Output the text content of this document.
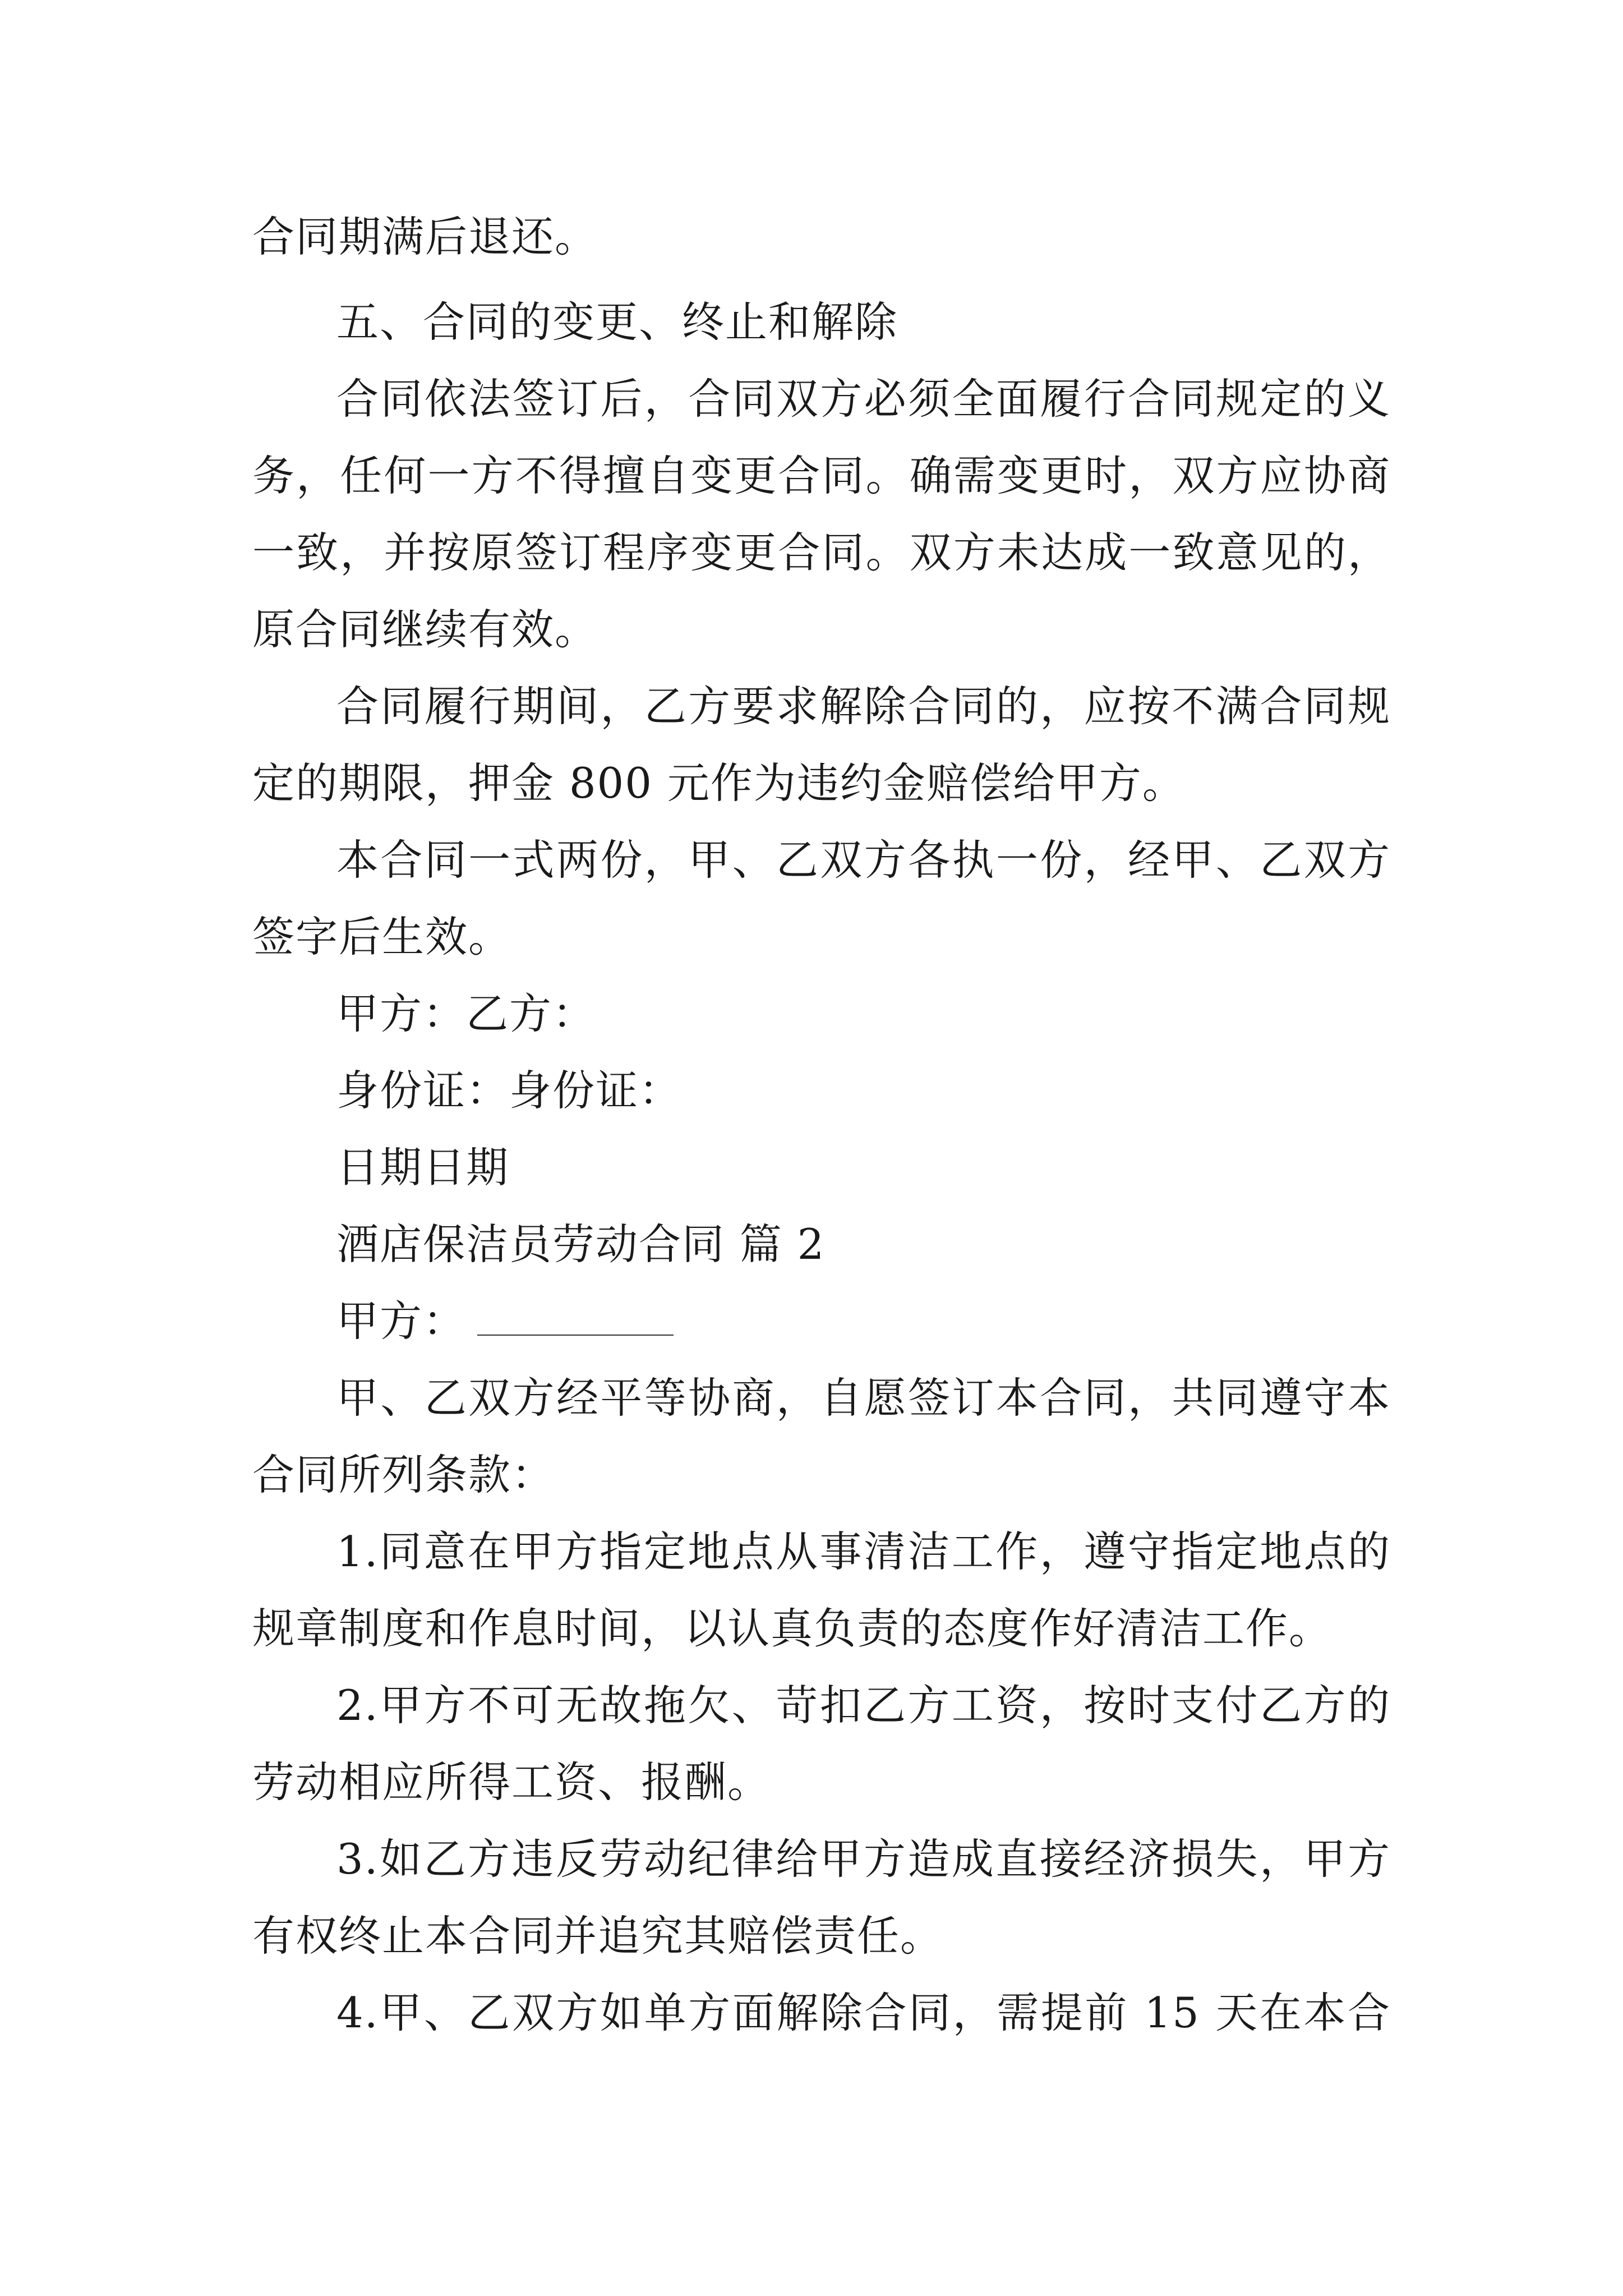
合同期满后退还。
五、合同的变更、终止和解除
合同依法签订后，合同双方必须全面履行合同规定的义
务，任何一方不得擅自变更合同。确需变更时，双方应协商
一致，并按原签订程序变更合同。双方未达成一致意见的，
原合同继续有效。
合同履行期间，乙方要求解除合同的，应按不满合同规
定的期限，押金 800 元作为违约金赔偿给甲方。
本合同一式两份，甲、乙双方各执一份，经甲、乙双方
签字后生效。
甲方：乙方：
身份证：身份证：
日期日期
酒店保洁员劳动合同 篇 2
甲方：
甲、乙双方经平等协商，自愿签订本合同，共同遵守本
合同所列条款：
1.同意在甲方指定地点从事清洁工作，遵守指定地点的
规章制度和作息时间，以认真负责的态度作好清洁工作。
2.甲方不可无故拖欠、苛扣乙方工资，按时支付乙方的
劳动相应所得工资、报酬。
3.如乙方违反劳动纪律给甲方造成直接经济损失，甲方
有权终止本合同并追究其赔偿责任。
4.甲、乙双方如单方面解除合同，需提前 15 天在本合
